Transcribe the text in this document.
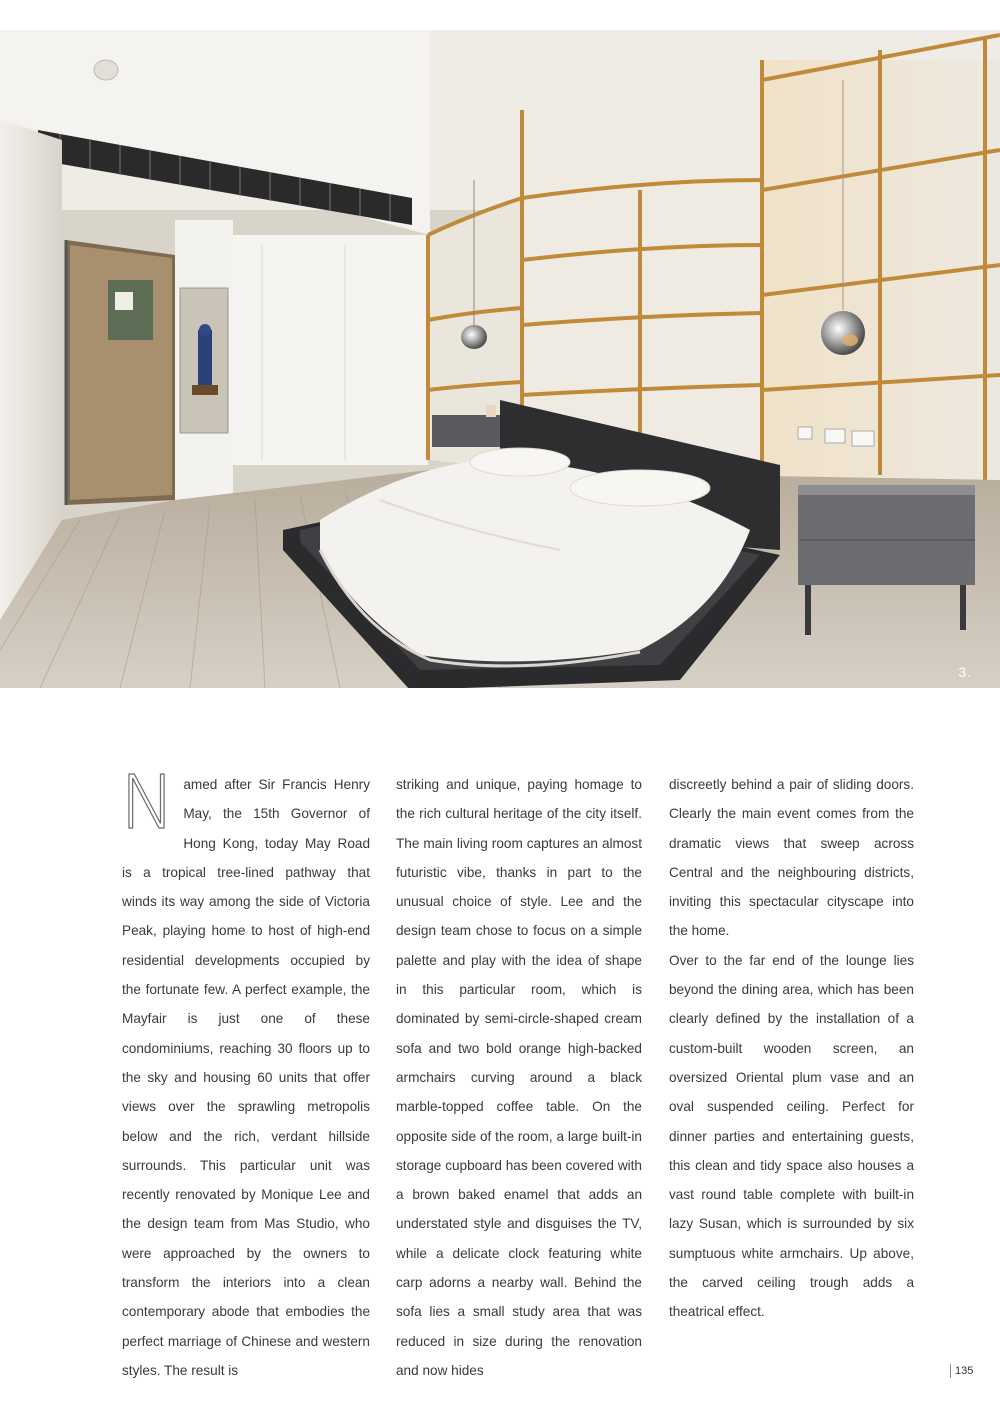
3.

Named after Sir Francis Henry May, the 15th Governor of Hong Kong, today May Road is a tropical tree-lined pathway that winds its way among the side of Victoria Peak, playing home to host of high-end residential developments occupied by the fortunate few. A perfect example, the Mayfair is just one of these condominiums, reaching 30 floors up to the sky and housing 60 units that offer views over the sprawling metropolis below and the rich, verdant hillside surrounds. This particular unit was recently renovated by Monique Lee and the design team from Mas Studio, who were approached by the owners to transform the interiors into a clean contemporary abode that embodies the perfect marriage of Chinese and western styles. The result is

striking and unique, paying homage to the rich cultural heritage of the city itself. The main living room captures an almost futuristic vibe, thanks in part to the unusual choice of style. Lee and the design team chose to focus on a simple palette and play with the idea of shape in this particular room, which is dominated by semi-circle-shaped cream sofa and two bold orange high-backed armchairs curving around a black marble-topped coffee table. On the opposite side of the room, a large built-in storage cupboard has been covered with a brown baked enamel that adds an understated style and disguises the TV, while a delicate clock featuring white carp adorns a nearby wall. Behind the sofa lies a small study area that was reduced in size during the renovation and now hides

discreetly behind a pair of sliding doors. Clearly the main event comes from the dramatic views that sweep across Central and the neighbouring districts, inviting this spectacular cityscape into the home.

Over to the far end of the lounge lies beyond the dining area, which has been clearly defined by the installation of a custom-built wooden screen, an oversized Oriental plum vase and an oval suspended ceiling. Perfect for dinner parties and entertaining guests, this clean and tidy space also houses a vast round table complete with built-in lazy Susan, which is surrounded by six sumptuous white armchairs. Up above, the carved ceiling trough adds a theatrical effect.

135
